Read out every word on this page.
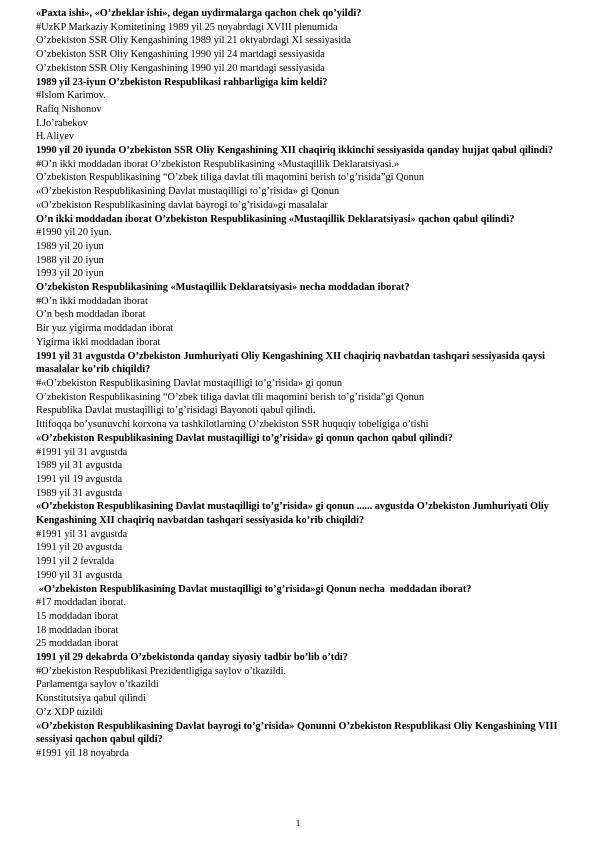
«Paxta ishi», «O’zbeklar ishi», degan uydirmalarga qachon chek qo’yildi?
#UzKP Markaziy Komitetining 1989 yil 25 noyabrdagi XVIII plenumida
O’zbekiston SSR Oliy Kengashining 1989 yil 21 oktyabrdagi XI sessiyasida
O’zbekiston SSR Oliy Kengashining 1990 yil 24 martdagi sessiyasida
O’zbekiston SSR Oliy Kengashining 1990 yil 20 martdagi sessiyasida
1989 yil 23-iyun O’zbekiston Respublikasi rahbarligiga kim keldi?
#Islom Karimov.
Rafiq Nishonov
I.Jo’rabekov
H.Aliyev
1990 yil 20 iyunda O’zbekiston SSR Oliy Kengashining XII chaqiriq ikkinchi sessiyasida qanday hujjat qabul qilindi?
#O’n ikki moddadan iborat O’zbekiston Respublikasining «Mustaqillik Deklaratsiyasi.»
O’zbekiston Respublikasining “O’zbek tiliga davlat tili maqomini berish to’g’risida”gi Qonun
«O’zbekiston Respublikasining Davlat mustaqilligi to’g’risida» gi Qonun
«O’zbekiston Respublikasining davlat bayrogi to’g’risida»gi masalalar
O’n ikki moddadan iborat O’zbekiston Respublikasining «Mustaqillik Deklaratsiyasi» qachon qabul qilindi?
#1990 yil 20 iyun.
1989 yil 20 iyun
1988 yil 20 iyun
1993 yil 20 iyun
O’zbekiston Respublikasining «Mustaqillik Deklaratsiyasi» necha moddadan iborat?
#O’n ikki moddadan iborat
O’n besh moddadan iborat
Bir yuz yigirma moddadan iborat
Yigirma ikki moddadan iborat
1991 yil 31 avgustda O’zbekiston Jumhuriyati Oliy Kengashining XII chaqiriq navbatdan tashqari sessiyasida qaysi masalalar ko’rib chiqildi?
#«O’zbekiston Respublikasining Davlat mustaqilligi to’g’risida» gi qonun
O’zbekiston Respublikasining “O’zbek tiliga davlat tili maqomini berish to’g’risida”gi Qonun
Respublika Davlat mustaqilligi to’g’risidagi Bayonoti qabul qilindi.
Ittifoqqa bo’ysunuvchi korxona va tashkilotlarning O’zbekiston SSR huquqiy tobeligiga o’tishi
«O’zbekiston Respublikasining Davlat mustaqilligi to’g’risida» gi qonun qachon qabul qilindi?
#1991 yil 31 avgustda
1989 yil 31 avgustda
1991 yil 19 avgustda
1989 yil 31 avgustda
«O’zbekiston Respublikasining Davlat mustaqilligi to’g’risida» gi qonun ...... avgustda O’zbekiston Jumhuriyati Oliy Kengashining XII chaqiriq navbatdan tashqari sessiyasida ko’rib chiqildi?
#1991 yil 31 avgustda
1991 yil 20 avgustda
1991 yil 2 fevralda
1990 yil 31 avgustda
«O’zbekiston Respublikasining Davlat mustaqilligi to’g’risida»gi Qonun necha  moddadan iborat?
#17 moddadan iborat.
15 moddadan iborat
18 moddadan iborat
25 moddadan iborat
1991 yil 29 dekabrda O’zbekistonda qanday siyosiy tadbir bo’lib o’tdi?
#O’zbekiston Respublikasi Prezidentligiga saylov o’tkazildi.
Parlamentga saylov o’tkazildi
Konstitutsiya qabul qilindi
O’z XDP tuzildi
«O’zbekiston Respublikasining Davlat bayrogi to’g’risida» Qonunni O’zbekiston Respublikasi Oliy Kengashining VIII sessiyasi qachon qabul qildi?
#1991 yil 18 noyabrda
1
